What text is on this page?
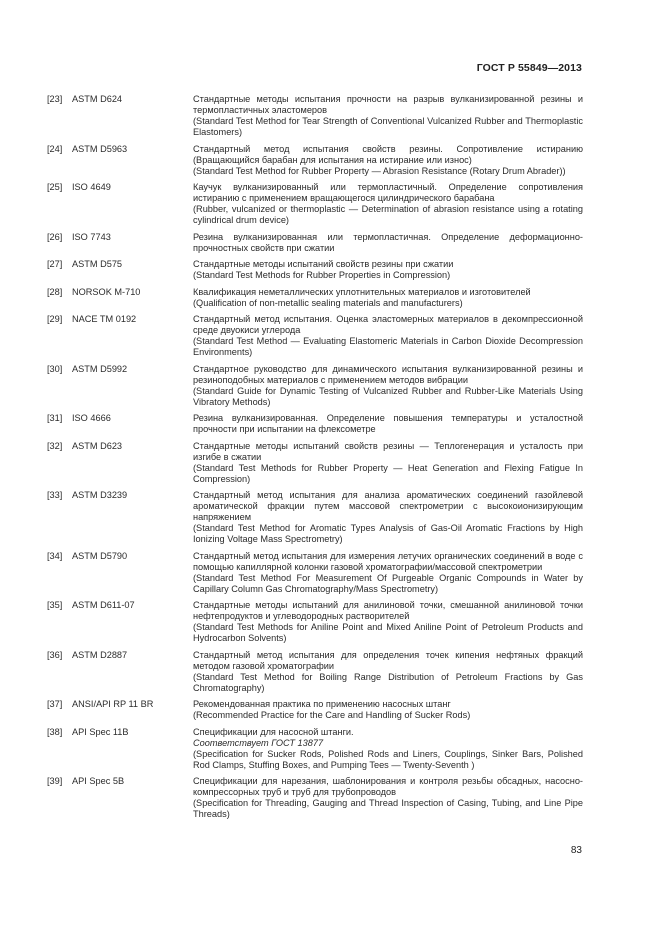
ГОСТ Р 55849—2013
[23]	ASTM D624	Стандартные методы испытания прочности на разрыв вулканизированной резины и термопластичных эластомеров
(Standard Test Method for Tear Strength of Conventional Vulcanized Rubber and Thermoplastic Elastomers)
[24]	ASTM D5963	Стандартный метод испытания свойств резины. Сопротивление истиранию (Вращающийся барабан для испытания на истирание или износ)
(Standard Test Method for Rubber Property — Abrasion Resistance (Rotary Drum Abrader))
[25]	ISO 4649	Каучук вулканизированный или термопластичный. Определение сопротивления истиранию с применением вращающегося цилиндрического барабана
(Rubber, vulcanized or thermoplastic — Determination of abrasion resistance using a rotating cylindrical drum device)
[26]	ISO 7743	Резина вулканизированная или термопластичная. Определение деформационно-прочностных свойств при сжатии
[27]	ASTM D575	Стандартные методы испытаний свойств резины при сжатии
(Standard Test Methods for Rubber Properties in Compression)
[28]	NORSOK M-710	Квалификация неметаллических уплотнительных материалов и изготовителей
(Qualification of non-metallic sealing materials and manufacturers)
[29]	NACE TM 0192	Стандартный метод испытания. Оценка эластомерных материалов в декомпрессионной среде двуокиси углерода
(Standard Test Method — Evaluating Elastomeric Materials in Carbon Dioxide Decompression Environments)
[30]	ASTM D5992	Стандартное руководство для динамического испытания вулканизированной резины и резиноподобных материалов с применением методов вибрации
(Standard Guide for Dynamic Testing of Vulcanized Rubber and Rubber-Like Materials Using Vibratory Methods)
[31]	ISO 4666	Резина вулканизированная. Определение повышения температуры и усталостной прочности при испытании на флексометре
[32]	ASTM D623	Стандартные методы испытаний свойств резины — Теплогенерация и усталость при изгибе в сжатии
(Standard Test Methods for Rubber Property — Heat Generation and Flexing Fatigue In Compression)
[33]	ASTM D3239	Стандартный метод испытания для анализа ароматических соединений газойлевой ароматической фракции путем массовой спектрометрии с высокоионизирующим напряжением
(Standard Test Method for Aromatic Types Analysis of Gas-Oil Aromatic Fractions by High Ionizing Voltage Mass Spectrometry)
[34]	ASTM D5790	Стандартный метод испытания для измерения летучих органических соединений в воде с помощью капиллярной колонки газовой хроматографии/массовой спектрометрии
(Standard Test Method For Measurement Of Purgeable Organic Compounds in Water by Capillary Column Gas Chromatography/Mass Spectrometry)
[35]	ASTM D611-07	Стандартные методы испытаний для анилиновой точки, смешанной анилиновой точки нефтепродуктов и углеводородных растворителей
(Standard Test Methods for Aniline Point and Mixed Aniline Point of Petroleum Products and Hydrocarbon Solvents)
[36]	ASTM D2887	Стандартный метод испытания для определения точек кипения нефтяных фракций методом газовой хроматографии
(Standard Test Method for Boiling Range Distribution of Petroleum Fractions by Gas Chromatography)
[37]	ANSI/API RP 11 BR	Рекомендованная практика по применению насосных штанг
(Recommended Practice for the Care and Handling of Sucker Rods)
[38]	API Spec 11B	Спецификации для насосной штанги.
Соответствует ГОСТ 13877
(Specification for Sucker Rods, Polished Rods and Liners, Couplings, Sinker Bars, Polished Rod Clamps, Stuffing Boxes, and Pumping Tees — Twenty-Seventh )
[39]	API Spec 5B	Спецификации для нарезания, шаблонирования и контроля резьбы обсадных, насосно-компрессорных труб и труб для трубопроводов
(Specification for Threading, Gauging and Thread Inspection of Casing, Tubing, and Line Pipe Threads)
83
